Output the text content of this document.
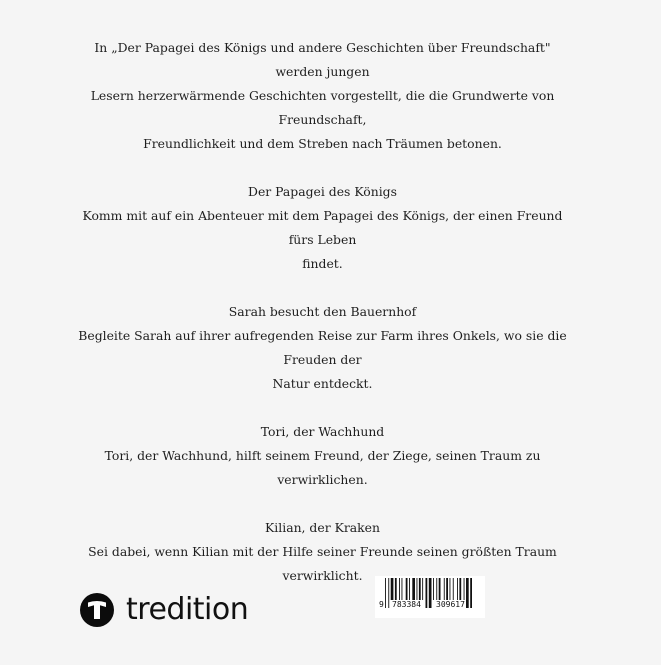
In „Der Papagei des Königs und andere Geschichten über Freundschaft" werden jungen

Lesern herzerwärmende Geschichten vorgestellt, die die Grundwerte von Freundschaft,

Freundlichkeit und dem Streben nach Träumen betonen.

Der Papagei des Königs

Komm mit auf ein Abenteuer mit dem Papagei des Königs, der einen Freund fürs Leben

findet.

Sarah besucht den Bauernhof

Begleite Sarah auf ihrer aufregenden Reise zur Farm ihres Onkels, wo sie die Freuden der

Natur entdeckt.

Tori, der Wachhund

Tori, der Wachhund, hilft seinem Freund, der Ziege, seinen Traum zu verwirklichen.

Kilian, der Kraken

Sei dabei, wenn Kilian mit der Hilfe seiner Freunde seinen größten Traum verwirklicht.

tredition	9 783384 309617
